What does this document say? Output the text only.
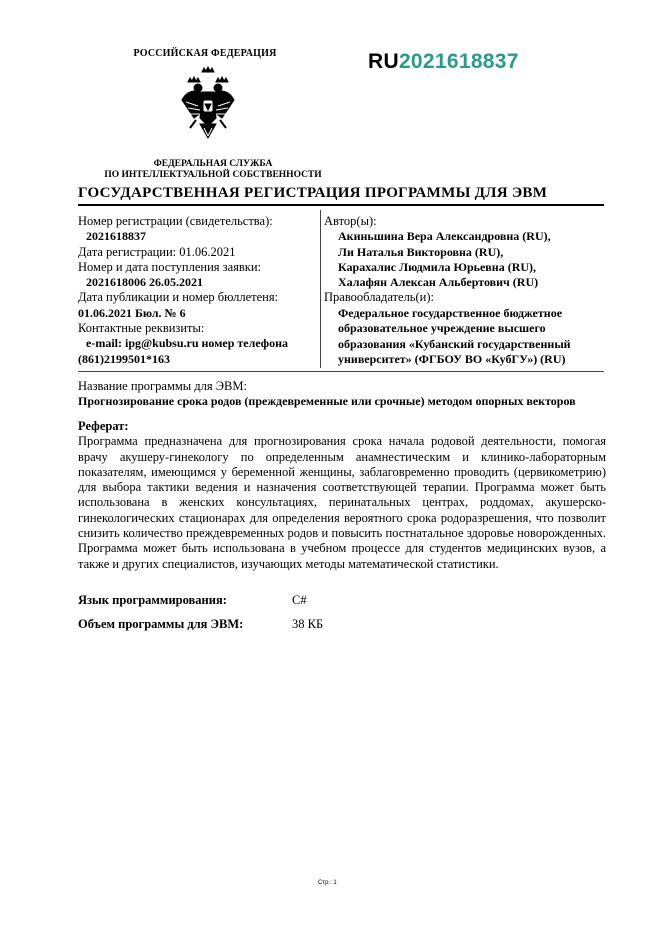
РОССИЙСКАЯ ФЕДЕРАЦИЯ
ФЕДЕРАЛЬНАЯ СЛУЖБА
ПО ИНТЕЛЛЕКТУАЛЬНОЙ СОБСТВЕННОСТИ
RU2021618837
ГОСУДАРСТВЕННАЯ РЕГИСТРАЦИЯ ПРОГРАММЫ ДЛЯ ЭВМ
Номер регистрации (свидетельства):
2021618837
Дата регистрации: 01.06.2021
Номер и дата поступления заявки:
2021618006 26.05.2021
Дата публикации и номер бюллетеня:
01.06.2021 Бюл. № 6
Контактные реквизиты:
e-mail: ipg@kubsu.ru номер телефона
(861)2199501*163
Автор(ы):
Акиньшина Вера Александровна (RU),
Ли Наталья Викторовна (RU),
Карахалис Людмила Юрьевна (RU),
Халафян Алексан Альбертович (RU)
Правообладатель(и):
Федеральное государственное бюджетное
образовательное учреждение высшего
образования «Кубанский государственный
университет» (ФГБОУ ВО «КубГУ») (RU)
Название программы для ЭВМ:
Прогнозирование срока родов (преждевременные или срочные) методом опорных векторов
Реферат:
Программа предназначена для прогнозирования срока начала родовой деятельности, помогая врачу акушеру-гинекологу по определенным анамнестическим и клинико-лабораторным показателям, имеющимся у беременной женщины, заблаговременно проводить (цервикометрию) для выбора тактики ведения и назначения соответствующей терапии. Программа может быть использована в женских консультациях, перинатальных центрах, роддомах, акушерско-гинекологических стационарах для определения вероятного срока родоразрешения, что позволит снизить количество преждевременных родов и повысить постнатальное здоровье новорожденных. Программа может быть использована в учебном процессе для студентов медицинских вузов, а также и других специалистов, изучающих методы математической статистики.
Язык программирования:	C#
Объем программы для ЭВМ:	38 КБ
Стр.: 1
